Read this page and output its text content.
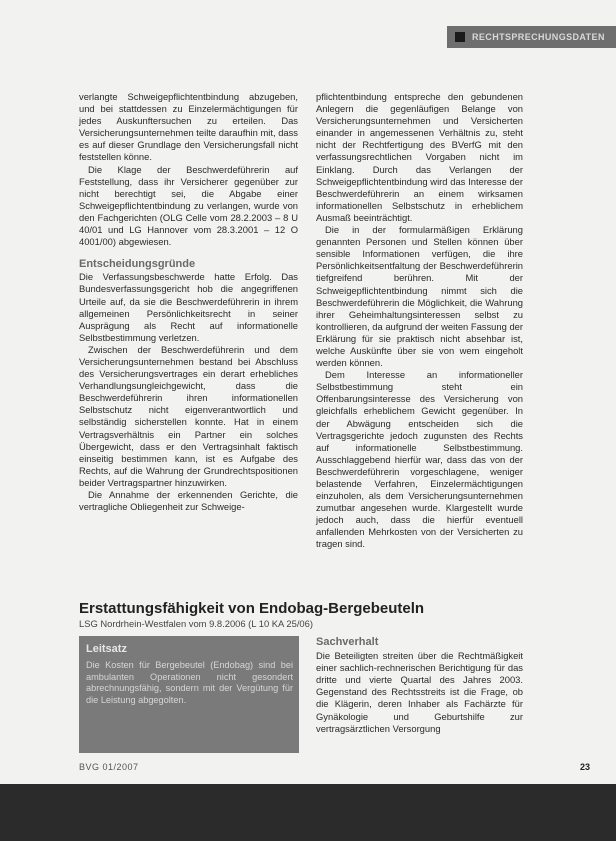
RECHTSPRECHUNGSDATEN

verlangte Schweigepflichtentbindung abzugeben, und bei stattdessen zu Einzelermächtigungen für jedes Auskunftersuchen zu erteilen. Das Versicherungsunternehmen teilte daraufhin mit, dass es auf dieser Grundlage den Versicherungsfall nicht feststellen könne.

Die Klage der Beschwerdeführerin auf Feststellung, dass ihr Versicherer gegenüber zur nicht berechtigt sei, die Abgabe einer Schweigepflichtentbindung zu verlangen, wurde von den Fachgerichten (OLG Celle vom 28.2.2003 – 8 U 40/01 und LG Hannover vom 28.3.2001 – 12 O 4001/00) abgewiesen.

Entscheidungsgründe

Die Verfassungsbeschwerde hatte Erfolg. Das Bundesverfassungsgericht hob die angegriffenen Urteile auf, da sie die Beschwerdeführerin in ihrem allgemeinen Persönlichkeitsrecht in seiner Ausprägung als Recht auf informationelle Selbstbestimmung verletzen.

Zwischen der Beschwerdeführerin und dem Versicherungsunternehmen bestand bei Abschluss des Versicherungsvertrages ein derart erhebliches Verhandlungsungleichgewicht, dass die Beschwerdeführerin ihren informationellen Selbstschutz nicht eigenverantwortlich und selbständig sicherstellen konnte. Hat in einem Vertragsverhältnis ein Partner ein solches Übergewicht, dass er den Vertragsinhalt faktisch einseitig bestimmen kann, ist es Aufgabe des Rechts, auf die Wahrung der Grundrechtspositionen beider Vertragspartner hinzuwirken.

Die Annahme der erkennenden Gerichte, die vertragliche Obliegenheit zur Schweige-

pflichtentbindung entspreche den gebundenen Anlegern die gegenläufigen Belange von Versicherungsunternehmen und Versicherten einander in angemessenen Verhältnis zu, steht nicht der Rechtfertigung des BVerfG mit den verfassungsrechtlichen Vorgaben nicht im Einklang. Durch das Verlangen der Schweigepflichtentbindung wird das Interesse der Beschwerdeführerin an einem wirksamen informationellen Selbstschutz in erheblichem Ausmaß beeinträchtigt.

Die in der formularmäßigen Erklärung genannten Personen und Stellen können über sensible Informationen verfügen, die ihre Persönlichkeitsentfaltung der Beschwerdeführerin tiefgreifend berühren. Mit der Schweigepflichtentbindung nimmt sich die Beschwerdeführerin die Möglichkeit, die Wahrung ihrer Geheimhaltungsinteressen selbst zu kontrollieren, da aufgrund der weiten Fassung der Erklärung für sie praktisch nicht absehbar ist, welche Auskünfte über sie von wem eingeholt werden können.

Dem Interesse an informationeller Selbstbestimmung steht ein Offenbarungsinteresse des Versicherung von gleichfalls erheblichem Gewicht gegenüber. In der Abwägung entscheiden sich die Vertragsgerichte jedoch zugunsten des Rechts auf informationelle Selbstbestimmung. Ausschlaggebend hierfür war, dass das von der Beschwerdeführerin vorgeschlagene, weniger belastende Verfahren, Einzelermächtigungen einzuholen, als dem Versicherungsunternehmen zumutbar angesehen wurde. Klargestellt wurde jedoch auch, dass die hierfür eventuell anfallenden Mehrkosten von der Versicherten zu tragen sind.

Erstattungsfähigkeit von Endobag-Bergebeuteln
LSG Nordrhein-Westfalen vom 9.8.2006 (L 10 KA 25/06)
Leitsatz
Die Kosten für Bergebeutel (Endobag) sind bei ambulanten Operationen nicht gesondert abrechnungsfähig, sondern mit der Vergütung für die Leistung abgegolten.
Sachverhalt

Die Beteiligten streiten über die Rechtmäßigkeit einer sachlich-rechnerischen Berichtigung für das dritte und vierte Quartal des Jahres 2003. Gegenstand des Rechtsstreits ist die Frage, ob die Klägerin, deren Inhaber als Fachärzte für Gynäkologie und Geburtshilfe zur vertragsärztlichen Versorgung

BVG 01/2007	23
